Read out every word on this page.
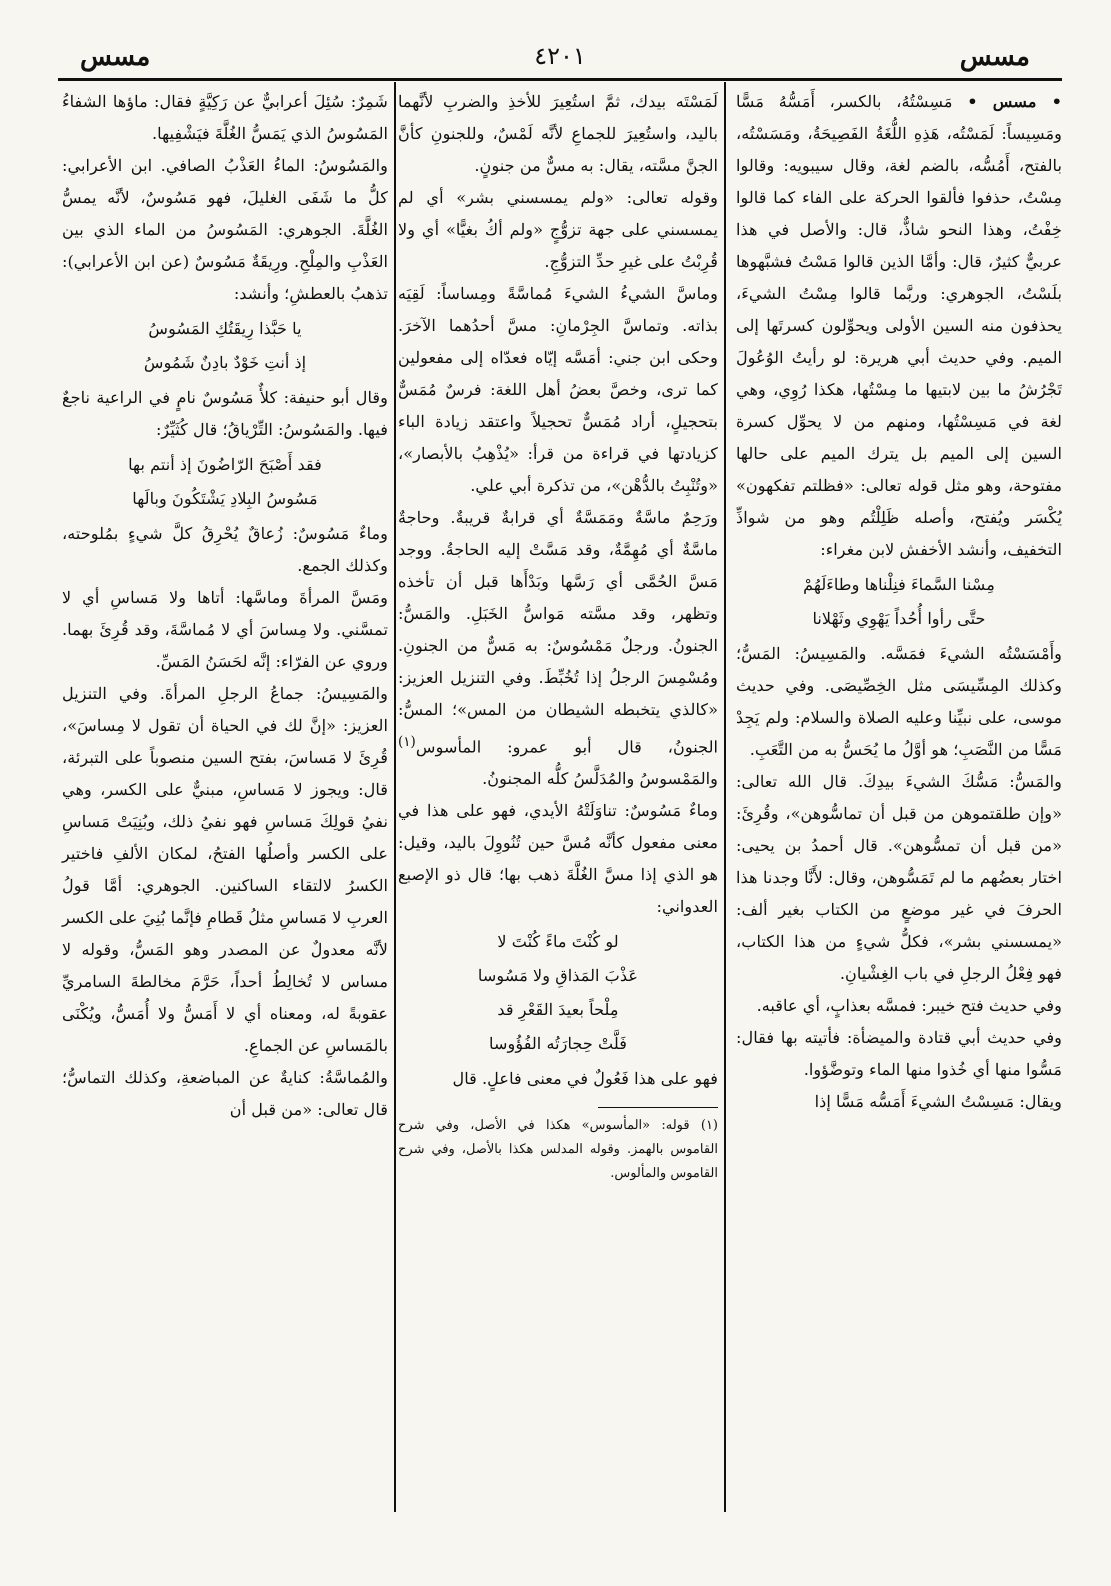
مسس
٤٢٠١
مسس

• مسس • مَسِسْتُهُ، بالكسر، أَمَسُّهُ مَسًّا ومَسِيساً: لَمَسْتُه، هَذِهِ اللُّغَةُ الفَصِيحَةُ، ومَسَسْتُه، بالفتح، أَمُسُّه، بالضم لغة، وقال سيبويه: وقالوا مِسْتُ، حذفوا فألقوا الحركة على الفاء كما قالوا خِفْتُ، وهذا النحو شاذٌّ، قال: والأصل في هذا عربيٌّ كثيرٌ، قال: وأمَّا الذين قالوا مَسْتُ فشبَّهوها بلَسْتُ، الجوهري: وربَّما قالوا مِسْتُ الشيءَ، يحذفون منه السين الأولى ويحوِّلون كسرتَها إلى الميم. وفي حديث أبي هريرة: لو رأيتُ الوُعُولَ تَجْرُشُ ما بين لابتيها ما مِسْتُها، هكذا رُوِي، وهي لغة في مَسِسْتُها، ومنهم من لا يحوِّل كسرة السين إلى الميم بل يترك الميم على حالها مفتوحة، وهو مثل قوله تعالى: «فظلتم تفكهون» يُكْسَر ويُفتح، وأصله ظَلِلْتُم وهو من شواذِّ التخفيف، وأنشد الأخفش لابن مغراء:

مِسْنا السَّماءَ فنِلْناها وطاءَلَهُمْ

حتَّى رأوا أُحُداً يَهْوِي وثَهْلانا

وأَمْسَسْتُه الشيءَ فمَسَّه. والمَسِيسُ: المَسُّ؛ وكذلك المِسِّيسَى مثل الخِصِّيصَى. وفي حديث موسى، على نبيِّنا وعليه الصلاة والسلام: ولم يَجِدْ مَسًّا من النَّصَبِ؛ هو أوَّلُ ما يُحَسُّ به من التَّعَبِ.

والمَسُّ: مَسُّكَ الشيءَ بيدِكَ. قال الله تعالى: «وإن طلقتموهن من قبل أن تماسُّوهن»، وقُرِئَ: «من قبل أن تمسُّوهن». قال أحمدُ بن يحيى: اختار بعضُهم ما لم تَمَسُّوهن، وقال: لأَنَّا وجدنا هذا الحرفَ في غير موضعٍ من الكتاب بغير ألف: «يمسسني بشر»، فكلُّ شيءٍ من هذا الكتاب، فهو فِعْلُ الرجلِ في باب الغِشْيانِ.

وفي حديث فتح خيبر: فمسَّه بعذابٍ، أي عاقبه.

وفي حديث أبي قتادة والميضأة: فأتيته بها فقال: مَسُّوا منها أي خُذوا منها الماء وتوضَّؤوا.

ويقال: مَسِسْتُ الشيءَ أَمَسُّه مَسًّا إذا

لَمَسْتَه بيدك، ثمَّ استُعِيرَ للأخذِ والضربِ لأنَّهما باليد، واستُعِيرَ للجماعِ لأنَّه لَمْسٌ، وللجنونِ كأنَّ الجنَّ مسَّته، يقال: به مسٌّ من جنونٍ.

وقوله تعالى: «ولم يمسسني بشر» أي لم يمسسني على جهة تزوُّجٍ «ولم أكُ بغيًّا» أي ولا قُرِبْتُ على غيرِ حدِّ التزوُّجِ.

وماسَّ الشيءُ الشيءَ مُماسَّةً ومِساساً: لَقِيَه بذاته. وتماسَّ الجِرْمانِ: مسَّ أحدُهما الآخرَ. وحكى ابن جني: أمَسَّه إيّاه فعدّاه إلى مفعولين كما ترى، وخصَّ بعضُ أهل اللغة: فرسٌ مُمَسٌّ بتحجيلٍ، أراد مُمَسٌّ تحجيلاً واعتقد زيادة الباء كزيادتها في قراءة من قرأ: «يُذْهِبُ بالأبصار»، «وتُنْبِتُ بالدُّهْن»، من تذكرة أبي علي.

ورَحِمٌ ماسَّةٌ ومَمَسَّةٌ أي قرابةٌ قريبةٌ. وحاجةٌ ماسَّةٌ أي مُهِمَّةٌ، وقد مَسَّتْ إليه الحاجةُ. ووجد مَسَّ الحُمَّى أي رَسَّها وبَدْأَها قبل أن تأخذه وتظهر، وقد مسَّته مَواسُّ الخَبَلِ. والمَسُّ: الجنونُ. ورجلٌ مَمْسُوسٌ: به مَسٌّ من الجنونِ. ومُسْمِسَ الرجلُ إذا تُخُبِّطَ. وفي التنزيل العزيز: «كالذي يتخبطه الشيطان من المس»؛ المسُّ: الجنونُ، قال أبو عمرو: المأسوس$^{(١)}$ والمَمْسوسُ والمُدَلَّسُ كلُّه المجنونُ.

وماءٌ مَسُوسٌ: تناوَلَتْهُ الأيدي، فهو على هذا في معنى مفعول كأنَّه مُسَّ حين تُنُووِلَ باليد، وقيل: هو الذي إذا مسَّ الغُلَّةَ ذهب بها؛ قال ذو الإصبع العدواني:

لو كُنْتَ ماءً كُنْتَ لا

عَذْبَ المَذاقِ ولا مَسُوسا

مِلْحاً بعيدَ القَعْرِ قد

فَلَّتْ حِجارَتُه الفُؤُوسا

فهو على هذا فَعُولٌ في معنى فاعلٍ. قال

(١) قوله: «المأسوس» هكذا في الأصل، وفي شرح القاموس بالهمز. وقوله المدلس هكذا بالأصل، وفي شرح القاموس والمألوس.

شَمِرٌ: سُئِلَ أعرابيٌّ عن رَكِيَّةٍ فقال: ماؤها الشفاءُ المَسُوسُ الذي يَمَسُّ الغُلَّةَ فيَشْفِيها.

والمَسُوسُ: الماءُ العَذْبُ الصافي. ابن الأعرابي: كلُّ ما شَفَى الغليلَ، فهو مَسُوسٌ، لأنَّه يمسُّ الغُلَّةَ. الجوهري: المَسُوسُ من الماء الذي بين العَذْبِ والمِلْحِ. ورِيقَةٌ مَسُوسٌ (عن ابن الأعرابي): تذهبُ بالعطشِ؛ وأنشد:

يا حَبَّذا رِيقَتُكِ المَسُوسُ

إذ أنتِ خَوْدٌ بادِنٌ شَمُوسُ

وقال أبو حنيفة: كلأٌ مَسُوسٌ نامٍ في الراعية ناجعٌ فيها. والمَسُوسُ: التِّرْياقُ؛ قال كُثَيِّرٌ:

فقد أَصْبَحَ الرّاضُونَ إذ أنتم بها

مَسُوسُ البِلادِ يَشْتَكُونَ وبالَها

وماءٌ مَسُوسٌ: زُعاقٌ يُحْرِقُ كلَّ شيءٍ بمُلوحته، وكذلك الجمع.

ومَسَّ المرأةَ وماسَّها: أتاها ولا مَساسِ أي لا تمسَّني. ولا مِساسَ أي لا مُماسَّةَ، وقد قُرِئَ بهما. وروي عن الفرّاء: إنَّه لحَسَنُ المَسِّ.

والمَسِيسُ: جماعُ الرجلِ المرأةَ. وفي التنزيل العزيز: «إنَّ لك في الحياة أن تقول لا مِساسَ»، قُرِئَ لا مَساسَ، بفتح السين منصوباً على التبرئة، قال: ويجوز لا مَساسِ، مبنيٌّ على الكسر، وهي نفيُ قولِكَ مَساسِ فهو نفيُ ذلك، وبُنِيَتْ مَساسِ على الكسر وأصلُها الفتحُ، لمكان الألفِ فاختير الكسرُ لالتقاء الساكنين. الجوهري: أمَّا قولُ العربِ لا مَساسِ مثلُ قَطامِ فإنَّما بُنِيَ على الكسر لأنَّه معدولٌ عن المصدر وهو المَسُّ، وقوله لا مساس لا تُخالِطُ أحداً، حَرَّمَ مخالطةَ السامريِّ عقوبةً له، ومعناه أي لا أَمَسُّ ولا أُمَسُّ، ويُكْنَى بالمَساسِ عن الجماعِ.

والمُماسَّةُ: كنايةٌ عن المباضعةِ، وكذلك التماسُّ؛ قال تعالى: «من قبل أن
